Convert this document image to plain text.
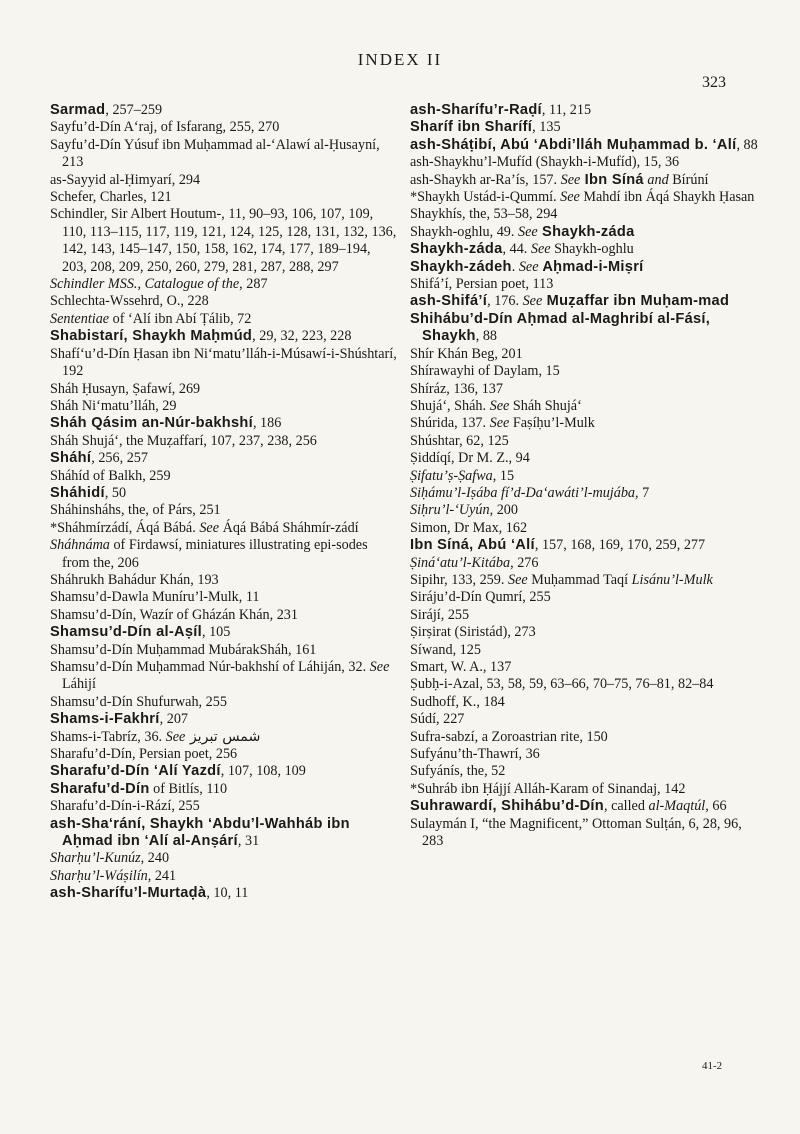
INDEX II
323

Sarmad, 257–259

Sayfu’d-Dín A‘raj, of Isfarang, 255, 270

Sayfu’d-Dín Yúsuf ibn Muḥammad al-‘Alawí al-Ḥusayní, 213

as-Sayyid al-Ḥimyarí, 294

Schefer, Charles, 121

Schindler, Sir Albert Houtum-, 11, 90–93, 106, 107, 109, 110, 113–115, 117, 119, 121, 124, 125, 128, 131, 132, 136, 142, 143, 145–147, 150, 158, 162, 174, 177, 189–194, 203, 208, 209, 250, 260, 279, 281, 287, 288, 297

Schindler MSS., Catalogue of the, 287

Schlechta-Wssehrd, O., 228

Sententiae of ‘Alí ibn Abí Ṭálib, 72

Shabistarí, Shaykh Maḥmúd, 29, 32, 223, 228

Shafí‘u’d-Dín Ḥasan ibn Ni‘matu’lláh-i-Músawí-i-Shúshtarí, 192

Sháh Ḥusayn, Ṣafawí, 269

Sháh Ni‘matu’lláh, 29

Sháh Qásim an-Núr-bakhshí, 186

Sháh Shujá‘, the Muẓaffarí, 107, 237, 238, 256

Sháhí, 256, 257

Sháhíd of Balkh, 259

Sháhidí, 50

Sháhinsháhs, the, of Párs, 251

*Sháhmírzádí, Áqá Bábá. See Áqá Bábá Sháhmír-zádí

Sháhnáma of Firdawsí, miniatures illustrating epi-sodes from the, 206

Sháhrukh Bahádur Khán, 193

Shamsu’d-Dawla Muníru’l-Mulk, 11

Shamsu’d-Dín, Wazír of Gházán Khán, 231

Shamsu’d-Dín al-Aṣíl, 105

Shamsu’d-Dín Muḥammad MubárakSháh, 161

Shamsu’d-Dín Muḥammad Núr-bakhshí of Láhiján, 32. See Láhijí

Shamsu’d-Dín Shufurwah, 255

Shams-i-Fakhrí, 207

Shams-i-Tabríz, 36. See شمس تبريز

Sharafu’d-Dín, Persian poet, 256

Sharafu’d-Dín ‘Alí Yazdí, 107, 108, 109

Sharafu’d-Dín of Bitlís, 110

Sharafu’d-Dín-i-Rází, 255

ash-Sha‘rání, Shaykh ‘Abdu’l-Wahháb ibn Aḥmad ibn ‘Alí al-Anṣárí, 31

Sharḥu’l-Kunúz, 240

Sharḥu’l-Wáṣilín, 241

ash-Sharífu’l-Murtaḍà, 10, 11

ash-Sharífu’r-Raḍí, 11, 215

Sharíf ibn Sharífí, 135

ash-Sháṭibí, Abú ‘Abdi’lláh Muḥammad b. ‘Alí, 88

ash-Shaykhu’l-Mufíd (Shaykh-i-Mufíd), 15, 36

ash-Shaykh ar-Ra’ís, 157. See Ibn Síná and Bírúní

*Shaykh Ustád-i-Qummí. See Mahdí ibn Áqá Shaykh Ḥasan

Shaykhís, the, 53–58, 294

Shaykh-oghlu, 49. See Shaykh-záda

Shaykh-záda, 44. See Shaykh-oghlu

Shaykh-zádeh. See Aḥmad-i-Miṣrí

Shifá’í, Persian poet, 113

ash-Shifá’í, 176. See Muẓaffar ibn Muḥam-mad

Shihábu’d-Dín Aḥmad al-Maghribí al-Fásí, Shaykh, 88

Shír Khán Beg, 201

Shírawayhi of Daylam, 15

Shíráz, 136, 137

Shujá‘, Sháh. See Sháh Shujá‘

Shúrida, 137. See Faṣíḥu’l-Mulk

Shúshtar, 62, 125

Ṣiddíqí, Dr M. Z., 94

Ṣifatu’ṣ-Ṣafwa, 15

Siḥámu’l-Iṣába fí’d-Da‘awáti’l-mujába, 7

Siḥru’l-‘Uyún, 200

Simon, Dr Max, 162

Ibn Síná, Abú ‘Alí, 157, 168, 169, 170, 259, 277

Ṣiná‘atu’l-Kitába, 276

Sipihr, 133, 259. See Muḥammad Taqí Lisánu’l-Mulk

Siráju’d-Dín Qumrí, 255

Sirájí, 255

Ṣirṣirat (Siristád), 273

Síwand, 125

Smart, W. A., 137

Ṣubḥ-i-Azal, 53, 58, 59, 63–66, 70–75, 76–81, 82–84

Sudhoff, K., 184

Súdí, 227

Sufra-sabzí, a Zoroastrian rite, 150

Sufyánu’th-Thawrí, 36

Sufyánís, the, 52

*Suhráb ibn Ḥájjí Alláh-Karam of Sinandaj, 142

Suhrawardí, Shihábu’d-Dín, called al-Maqtúl, 66

Sulaymán I, “the Magnificent,” Ottoman Sulṭán, 6, 28, 96, 283

41-2
